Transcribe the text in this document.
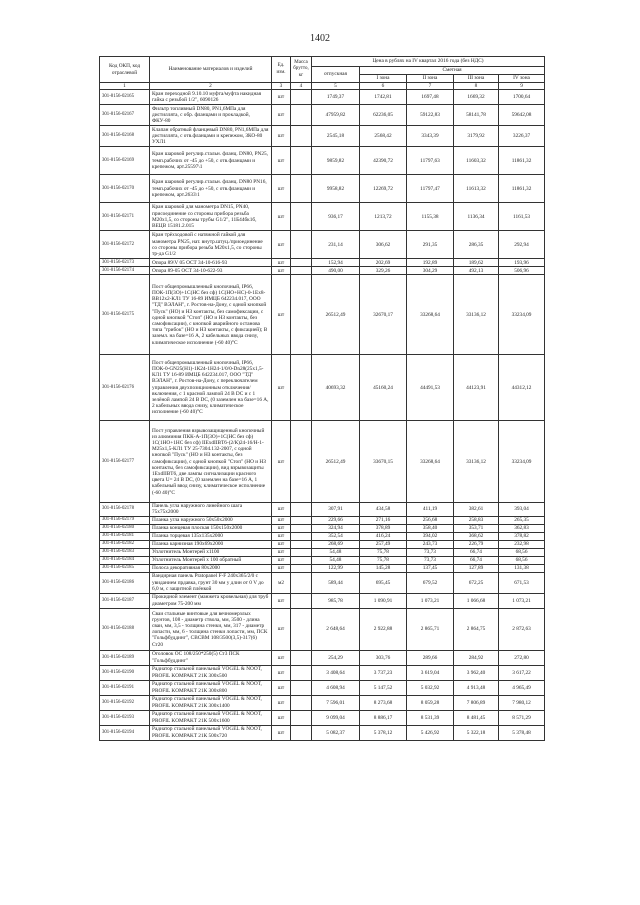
1402
Код ОКП, код отраслевой	Наименование материалов и изделий	Ед. изм.	Масса брутто, кг	Цена в рублях на IV квартал 2016 года (без НДС)				
				отпускная	Сметная			
					I зона	II зона	III зона	IV зона
1	2	3	4	5	6	7	8	9
301-8156-02165	Кран переходной 9.10.10 муфта/муфта накидная гайка с резьбой 1/2", 6090126	шт		1749,37	1742,81	1697,48	1669,32	1700,64
301-8156-02167	Фильтр топливный DN80, PN1,6МПа для дистиллята, с обр. фланцами и прокладкой, ФКУ-80	шт		47959,82	62236,05	59122,83	58141,78	59642,08
301-8156-02168	Клапан обратный фланцевый DN80, PN1,6МПа для дистиллята, с отв.фланцами и крепежом, ЗКО-80 УХЛ1	шт		2545,18	2568,42	3343,39	3179,92	3226,37
301-8156-02169	Кран шаровой регулир.стальн. фланц. DN80, PN25, темп.рабочих от -45 до +50, с отв.фланцами и крепежом, арт.25597\1	шт		9859,82	42390,72	11797,63	11603,32	11861,32
301-8156-02170	Кран шаровой регулир.стальн. фланц. DN80 PN16, темп.рабочих от -45 до +50, с отв.фланцами и крепежом, арт.2633\1	шт		9958,82	12269,72	11797,47	11613,32	11861,32
301-8156-02171	Кран шаровой для манометра DN15, PN40, присоединение со стороны прибора резьба М20x1,5, со стороны трубы G1/2", 11Б44бк1б, ВЕЦВ 15181.2.015	шт		936,17	1213,72	1155,38	1136,34	1161,53
301-8156-02172	Кран трёхходовой с натяжной гайкой для манометра PN25, нат. внутр.штуц./приоединение со стороны прибора резьба М20x1,5, со стороны тр-да G1/2	шт		231,14	306,62	291,35	286,35	292,94
301-8156-02173	Опора 89\V 05 ОСТ 34-10-616-93	шт		152,94	202,69	192,89	189,62	193,96
301-8156-02174	Опора 89-05 ОСТ 34-10-622-93	шт		490,00	329,26	304,29	492,13	506,96
301-8156-02175	Пост общепромышленный кнопочный, IP66, ПОК-1П(3О)+1C(НС без сф) 1С(НО+НС)-0-1Ех8-ВВ12х2-КЛ1 ТУ 16-89 ИМЦБ 642234.017, ООО "ТД" ВЭЛАН", г. Ростов-на-Дону, с одной кнопкой "Пуск" (НО) и НЗ контакты, без самофиксации, с одной кнопкой "Стоп" (НО и НЗ контакты, без самофиксации), с кнопкой аварийного останова типа "грибок" (НО и НЗ контакты, с фиксацией); В заземл. на базе=16 А, 2 кабельных ввода снизу, климатическое исполнение (-60 40)°С	шт		26512,49	32670,17	33268,64	33136,12	33234,09
301-8156-02176	Пост общепромышленный кнопочный, IP66, ПОК-0-GN25(Н1)-1К24-1Н24-1/0/0-Dn28(25x1,5-КЛ1 ТУ 16-89 ИМЦБ 642234.017, ООО "ТД" ВЭЛАН", г. Ростов-на-Дону, с переключателем управления двухпозиционным отключения/включения, с 1 красной лампой 24 В DC и с 1 зелёной лампой 24 В DC, (0 заземлен на базе=16 А, 2 кабельных ввода снизу, климатическое исполнение (-60 40)°С	шт		40693,32	45160,24	44491,53	44123,91	44312,12
301-8156-02177	Пост управления взрывозащищенный кнопочный из алюминия ПКК-А-1П(3О)+1C(НС без сф) 1C(1НО+1НС без сф) IIExdIIBT6-(2/К)24-16/Н-1-М25x1,5-КЛ1 ТУ 25-7304.132-2007, с одной кнопкой "Пуск" (НО и НЗ контакты, без самофиксации), с одной кнопкой "Стоп" (НО и НЗ контакты, без самофиксации), вид взрывозащиты 1ExdIIBT6, две лампы сигнализации красного цвета U= 24 В DC, (0 заземлен на базе=16 А, 1 кабельный ввод снизу, климатическое исполнение (-60 40)°С	шт		26512,49	33670,15	33268,64	33136,12	33234,09
301-8156-02178	Панель угла наружного линейного шага 75x75x2000	шт		307,91	434,58	411,19	382,61	393,04
301-8156-02179	Планка угла наружного 50x50x2000	шт		229,66	271,16	256,68	258,83	265,35
301-8156-02180	Планка концевая плоская 150x150x2000	шт		324,94	378,89	358,40	353,71	362,83
301-8156-02181	Планка торцевая 135x135x2000	шт		352,54	416,24	394,02	368,62	378,82
301-8156-02182	Планка карнизная 190x69x2000	шт		268,69	257,49	243,73	226,79	232,98
301-8156-02183	Уплотнитель Монтерей х1100	шт		54,48	75,78	73,73	66,74	68,56
301-8156-02184	Уплотнитель Монтерей х 100 обратный	шт		54,48	75,78	73,73	66,74	68,56
301-8156-02185	Полоса декоративная 80x2000	шт		122,99	145,28	137,45	127,89	131,38
301-8156-02186	Вандирная панель Pratopanel F-F 240x365/2/0 с увиданием прдавка, грунт 30 мм у длин от 0 V до 6,0 м, с защитной плёнкой	м2		589,44	695,45	679,52	672,25	671,53
301-8156-02187	Прокидной элемент (манжета кровельная) для труб диаметром 75-200 мм	шт		985,78	1 090,91	1 073,21	1 066,68	1 073,21
301-8156-02188	Сваи стальные винтовые для вечномерзлых грунтов, 108 - диаметр ствола, мм, 3500 - длина сваи, мм, 3,5 - толщина стенки, мм, 317 - диаметр лопасти, мм, 6 - толщина стенки лопасти, мм, ПСК "Гольфбуддинг", СВСВМ 108/3500(3,5)-317(6) Ст20	шт		2 648,64	2 922,88	2 865,71	2 864,75	2 872,63
301-8156-02189	Оголовок ОС 108/250*250(5) Ст3 ПСК "Гольфбуддинг"	шт		254,29	303,76	289,66	284,92	272,80
301-8156-02190	Радиатор стальной панельный VOGEL & NOOT, PROFIL KOMPAKT 21К 300x500	шт		3 408,64	3 737,23	3 619,04	3 962,40	3 617,22
301-8156-02191	Радиатор стальной панельный VOGEL & NOOT, PROFIL KOMPAKT 21К 300x800	шт		4 608,94	5 147,52	5 032,92	4 913,48	4 965,49
301-8156-02192	Радиатор стальной панельный VOGEL & NOOT, PROFIL KOMPAKT 21К 300x1400	шт		7 596,01	8 273,68	8 059,28	7 806,89	7 980,12
301-8156-02193	Радиатор стальной панельный VOGEL & NOOT, PROFIL KOMPAKT 21К 500x1600	шт		9 099,04	8 886,17	8 531,39	8 481,45	8 571,29
301-8156-02194	Радиатор стальной панельный VOGEL & NOOT, PROFIL KOMPAKT 21К 500x720	шт		5 082,37	5 378,12	5 426,92	5 322,18	5 378,48
